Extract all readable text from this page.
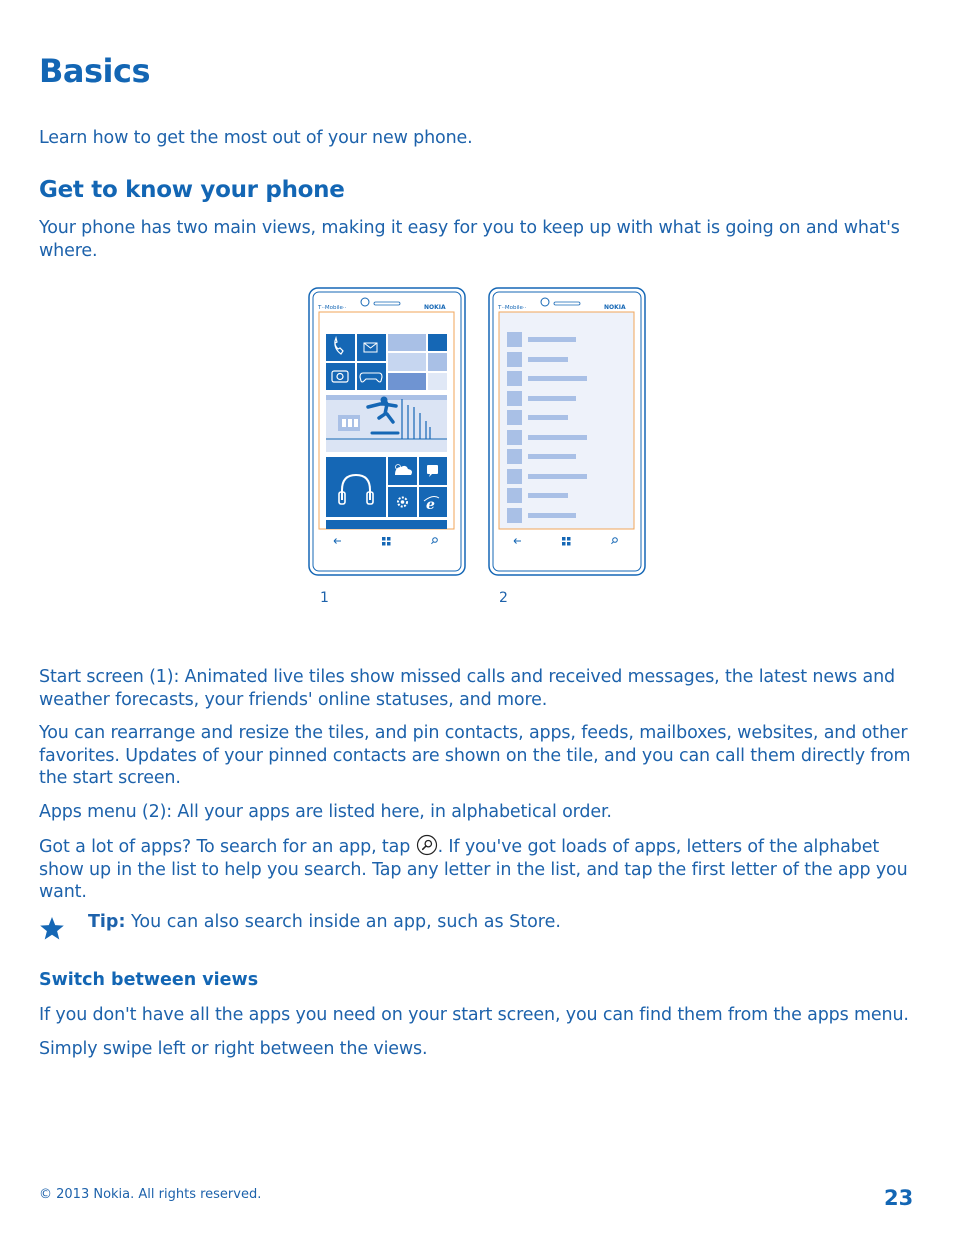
Basics

Learn how to get the most out of your new phone.

Get to know your phone

Your phone has two main views, making it easy for you to keep up with what is going on and what's where.

T··Mobile··	NOKIA
e
T··Mobile··	NOKIA
1	2

Start screen (1): Animated live tiles show missed calls and received messages, the latest news and weather forecasts, your friends' online statuses, and more.

You can rearrange and resize the tiles, and pin contacts, apps, feeds, mailboxes, websites, and other favorites. Updates of your pinned contacts are shown on the tile, and you can call them directly from the start screen.

Apps menu (2): All your apps are listed here, in alphabetical order.

Got a lot of apps? To search for an app, tap . If you've got loads of apps, letters of the alphabet show up in the list to help you search. Tap any letter in the list, and tap the first letter of the app you want.

Tip: You can also search inside an app, such as Store.
Switch between views

If you don't have all the apps you need on your start screen, you can find them from the apps menu.

Simply swipe left or right between the views.

© 2013 Nokia. All rights reserved.	23
